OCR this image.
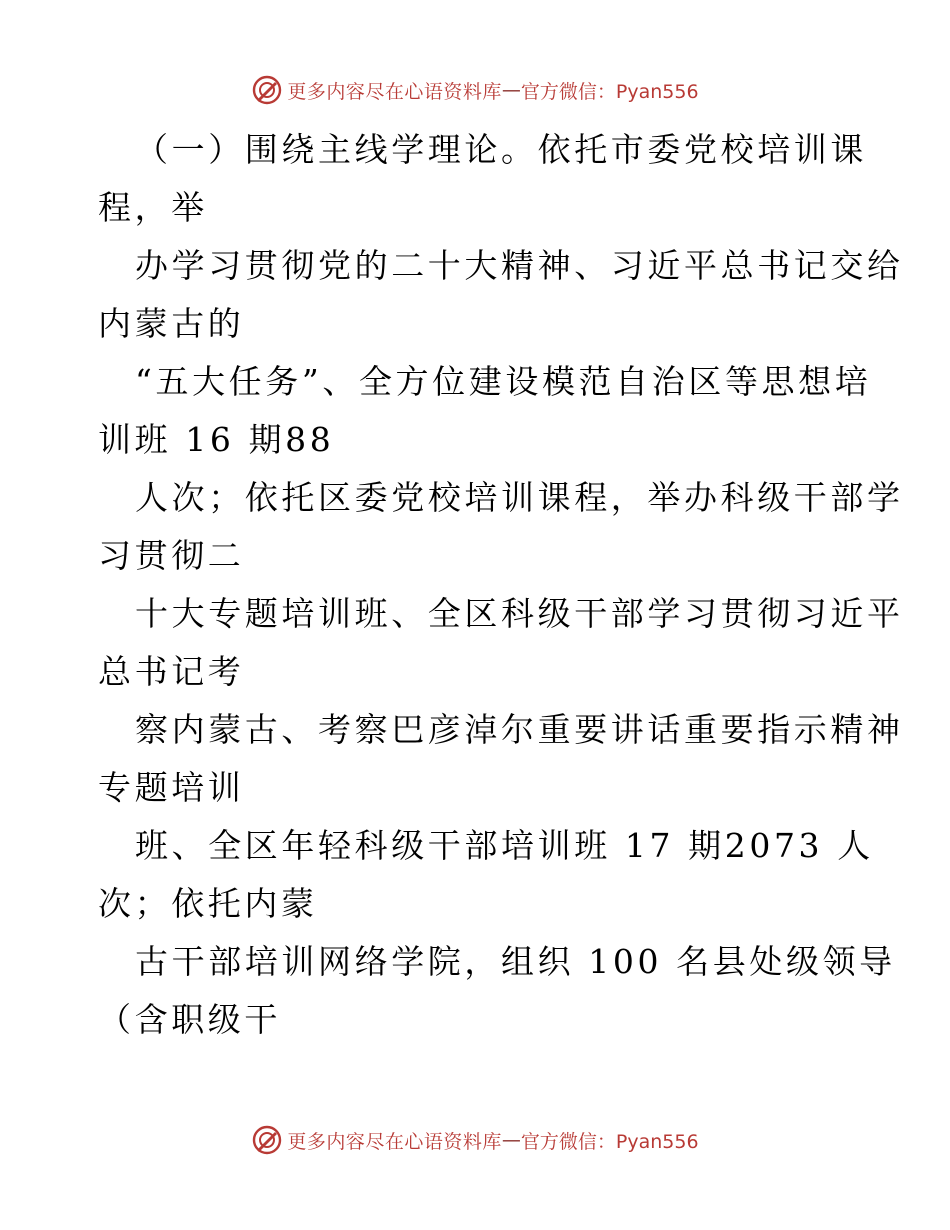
更多内容尽在心语资料库 — 官方微信：Pyan556
（一）围绕主线学理论。依托市委党校培训课
程，举
办学习贯彻党的二十大精神、习近平总书记交给
内蒙古的
“五大任务”、全方位建设模范自治区等思想培
训班 16 期88
人次；依托区委党校培训课程，举办科级干部学
习贯彻二
十大专题培训班、全区科级干部学习贯彻习近平
总书记考
察内蒙古、考察巴彦淖尔重要讲话重要指示精神
专题培训
班、全区年轻科级干部培训班 17 期2073 人
次；依托内蒙
古干部培训网络学院，组织 100 名县处级领导
（含职级干
更多内容尽在心语资料库 — 官方微信：Pyan556
